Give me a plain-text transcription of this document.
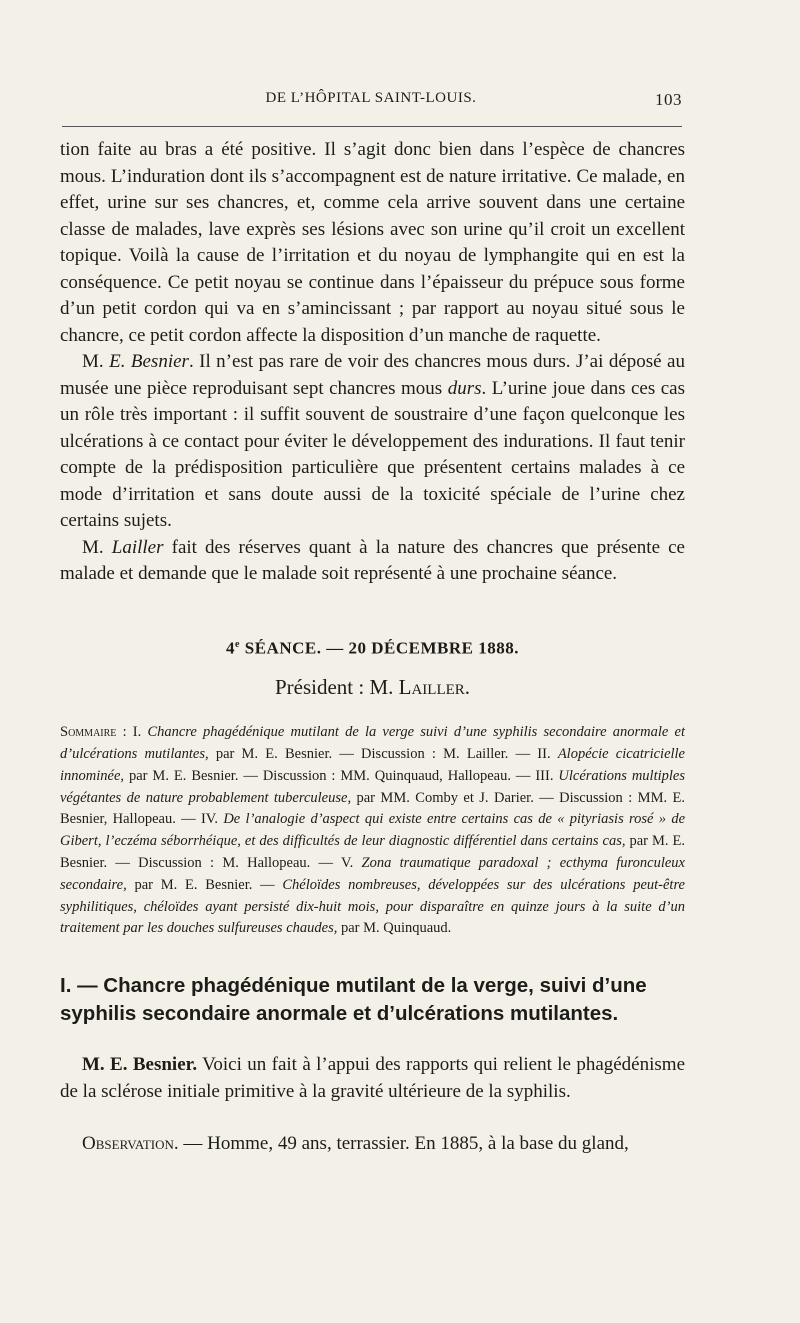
DE L’HÔPITAL SAINT-LOUIS.	103

tion faite au bras a été positive. Il s’agit donc bien dans l’espèce de chancres mous. L’induration dont ils s’accompagnent est de nature irritative. Ce malade, en effet, urine sur ses chancres, et, comme cela arrive souvent dans une certaine classe de malades, lave exprès ses lésions avec son urine qu’il croit un excellent topique. Voilà la cause de l’irritation et du noyau de lymphangite qui en est la conséquence. Ce petit noyau se continue dans l’épaisseur du prépuce sous forme d’un petit cordon qui va en s’amincissant ; par rapport au noyau situé sous le chancre, ce petit cordon affecte la disposition d’un manche de raquette.

M. E. Besnier. Il n’est pas rare de voir des chancres mous durs. J’ai déposé au musée une pièce reproduisant sept chancres mous durs. L’urine joue dans ces cas un rôle très important : il suffit souvent de soustraire d’une façon quelconque les ulcérations à ce contact pour éviter le développement des indurations. Il faut tenir compte de la prédisposition particulière que présentent certains malades à ce mode d’irritation et sans doute aussi de la toxicité spéciale de l’urine chez certains sujets.

M. Lailler fait des réserves quant à la nature des chancres que présente ce malade et demande que le malade soit représenté à une prochaine séance.

4e SÉANCE. — 20 DÉCEMBRE 1888.

Président : M. Lailler.

Sommaire : I. Chancre phagédénique mutilant de la verge suivi d’une syphilis secondaire anormale et d’ulcérations mutilantes, par M. E. Besnier. — Discussion : M. Lailler. — II. Alopécie cicatricielle innominée, par M. E. Besnier. — Discussion : MM. Quinquaud, Hallopeau. — III. Ulcérations multiples végétantes de nature probablement tuberculeuse, par MM. Comby et J. Darier. — Discussion : MM. E. Besnier, Hallopeau. — IV. De l’analogie d’aspect qui existe entre certains cas de « pityriasis rosé » de Gibert, l’eczéma séborrhéique, et des difficultés de leur diagnostic différentiel dans certains cas, par M. E. Besnier. — Discussion : M. Hallopeau. — V. Zona traumatique paradoxal ; ecthyma furonculeux secondaire, par M. E. Besnier. — Chéloïdes nombreuses, développées sur des ulcérations peut-être syphilitiques, chéloïdes ayant persisté dix-huit mois, pour disparaître en quinze jours à la suite d’un traitement par les douches sulfureuses chaudes, par M. Quinquaud.

I. — Chancre phagédénique mutilant de la verge, suivi d’une syphilis secondaire anormale et d’ulcérations mutilantes.

M. E. Besnier. Voici un fait à l’appui des rapports qui relient le phagédénisme de la sclérose initiale primitive à la gravité ultérieure de la syphilis.

Observation. — Homme, 49 ans, terrassier. En 1885, à la base du gland,
